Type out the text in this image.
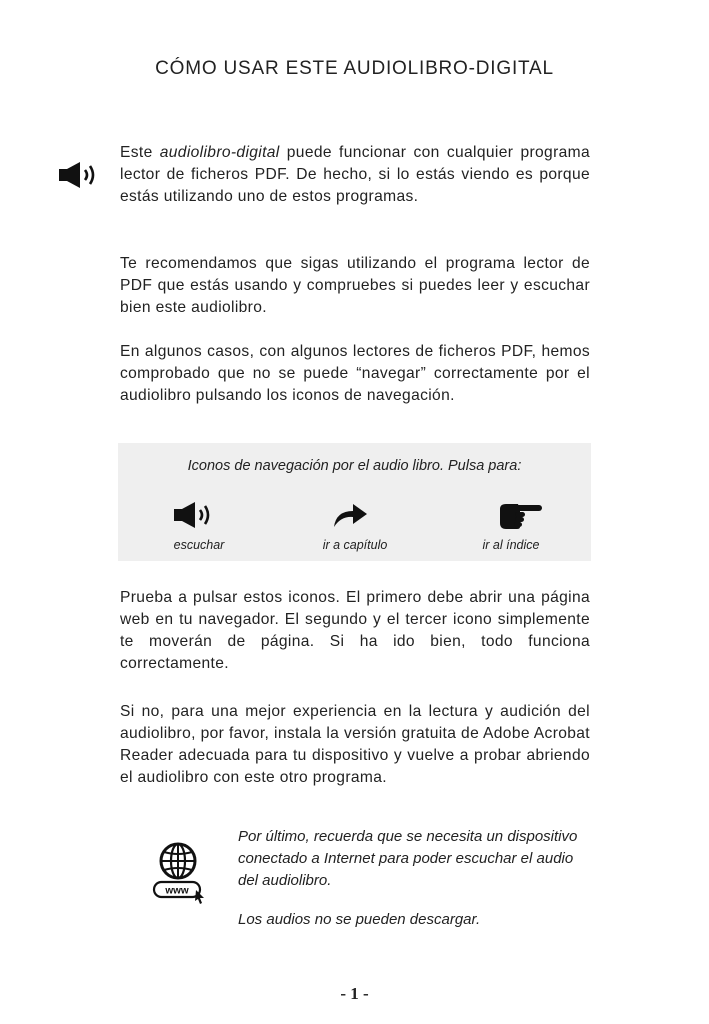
CÓMO USAR ESTE AUDIOLIBRO-DIGITAL

Este audiolibro-digital puede funcionar con cualquier programa lector de ficheros PDF. De hecho, si lo estás viendo es porque estás utilizando uno de estos programas.

Te recomendamos que sigas utilizando el programa lector de PDF que estás usando y compruebes si puedes leer y escuchar bien este audiolibro.

En algunos casos, con algunos lectores de ficheros PDF, hemos comprobado que no se puede “navegar” correctamente por el audiolibro pulsando los iconos de navegación.

Iconos de navegación por el audio libro. Pulsa para:
escuchar	ir a capítulo	ir al índice

Prueba a pulsar estos iconos. El primero debe abrir una página web en tu navegador. El segundo y el tercer icono simplemente te moverán de página. Si ha ido bien, todo funciona correctamente.

Si no, para una mejor experiencia en la lectura y audición del audiolibro, por favor, instala la versión gratuita de Adobe Acrobat Reader adecuada para tu dispositivo y vuelve a probar abriendo el audiolibro con este otro programa.

www

Por último, recuerda que se necesita un dispositivo conectado a Internet para poder escuchar el audio del audiolibro.

Los audios no se pueden descargar.

- 1 -
